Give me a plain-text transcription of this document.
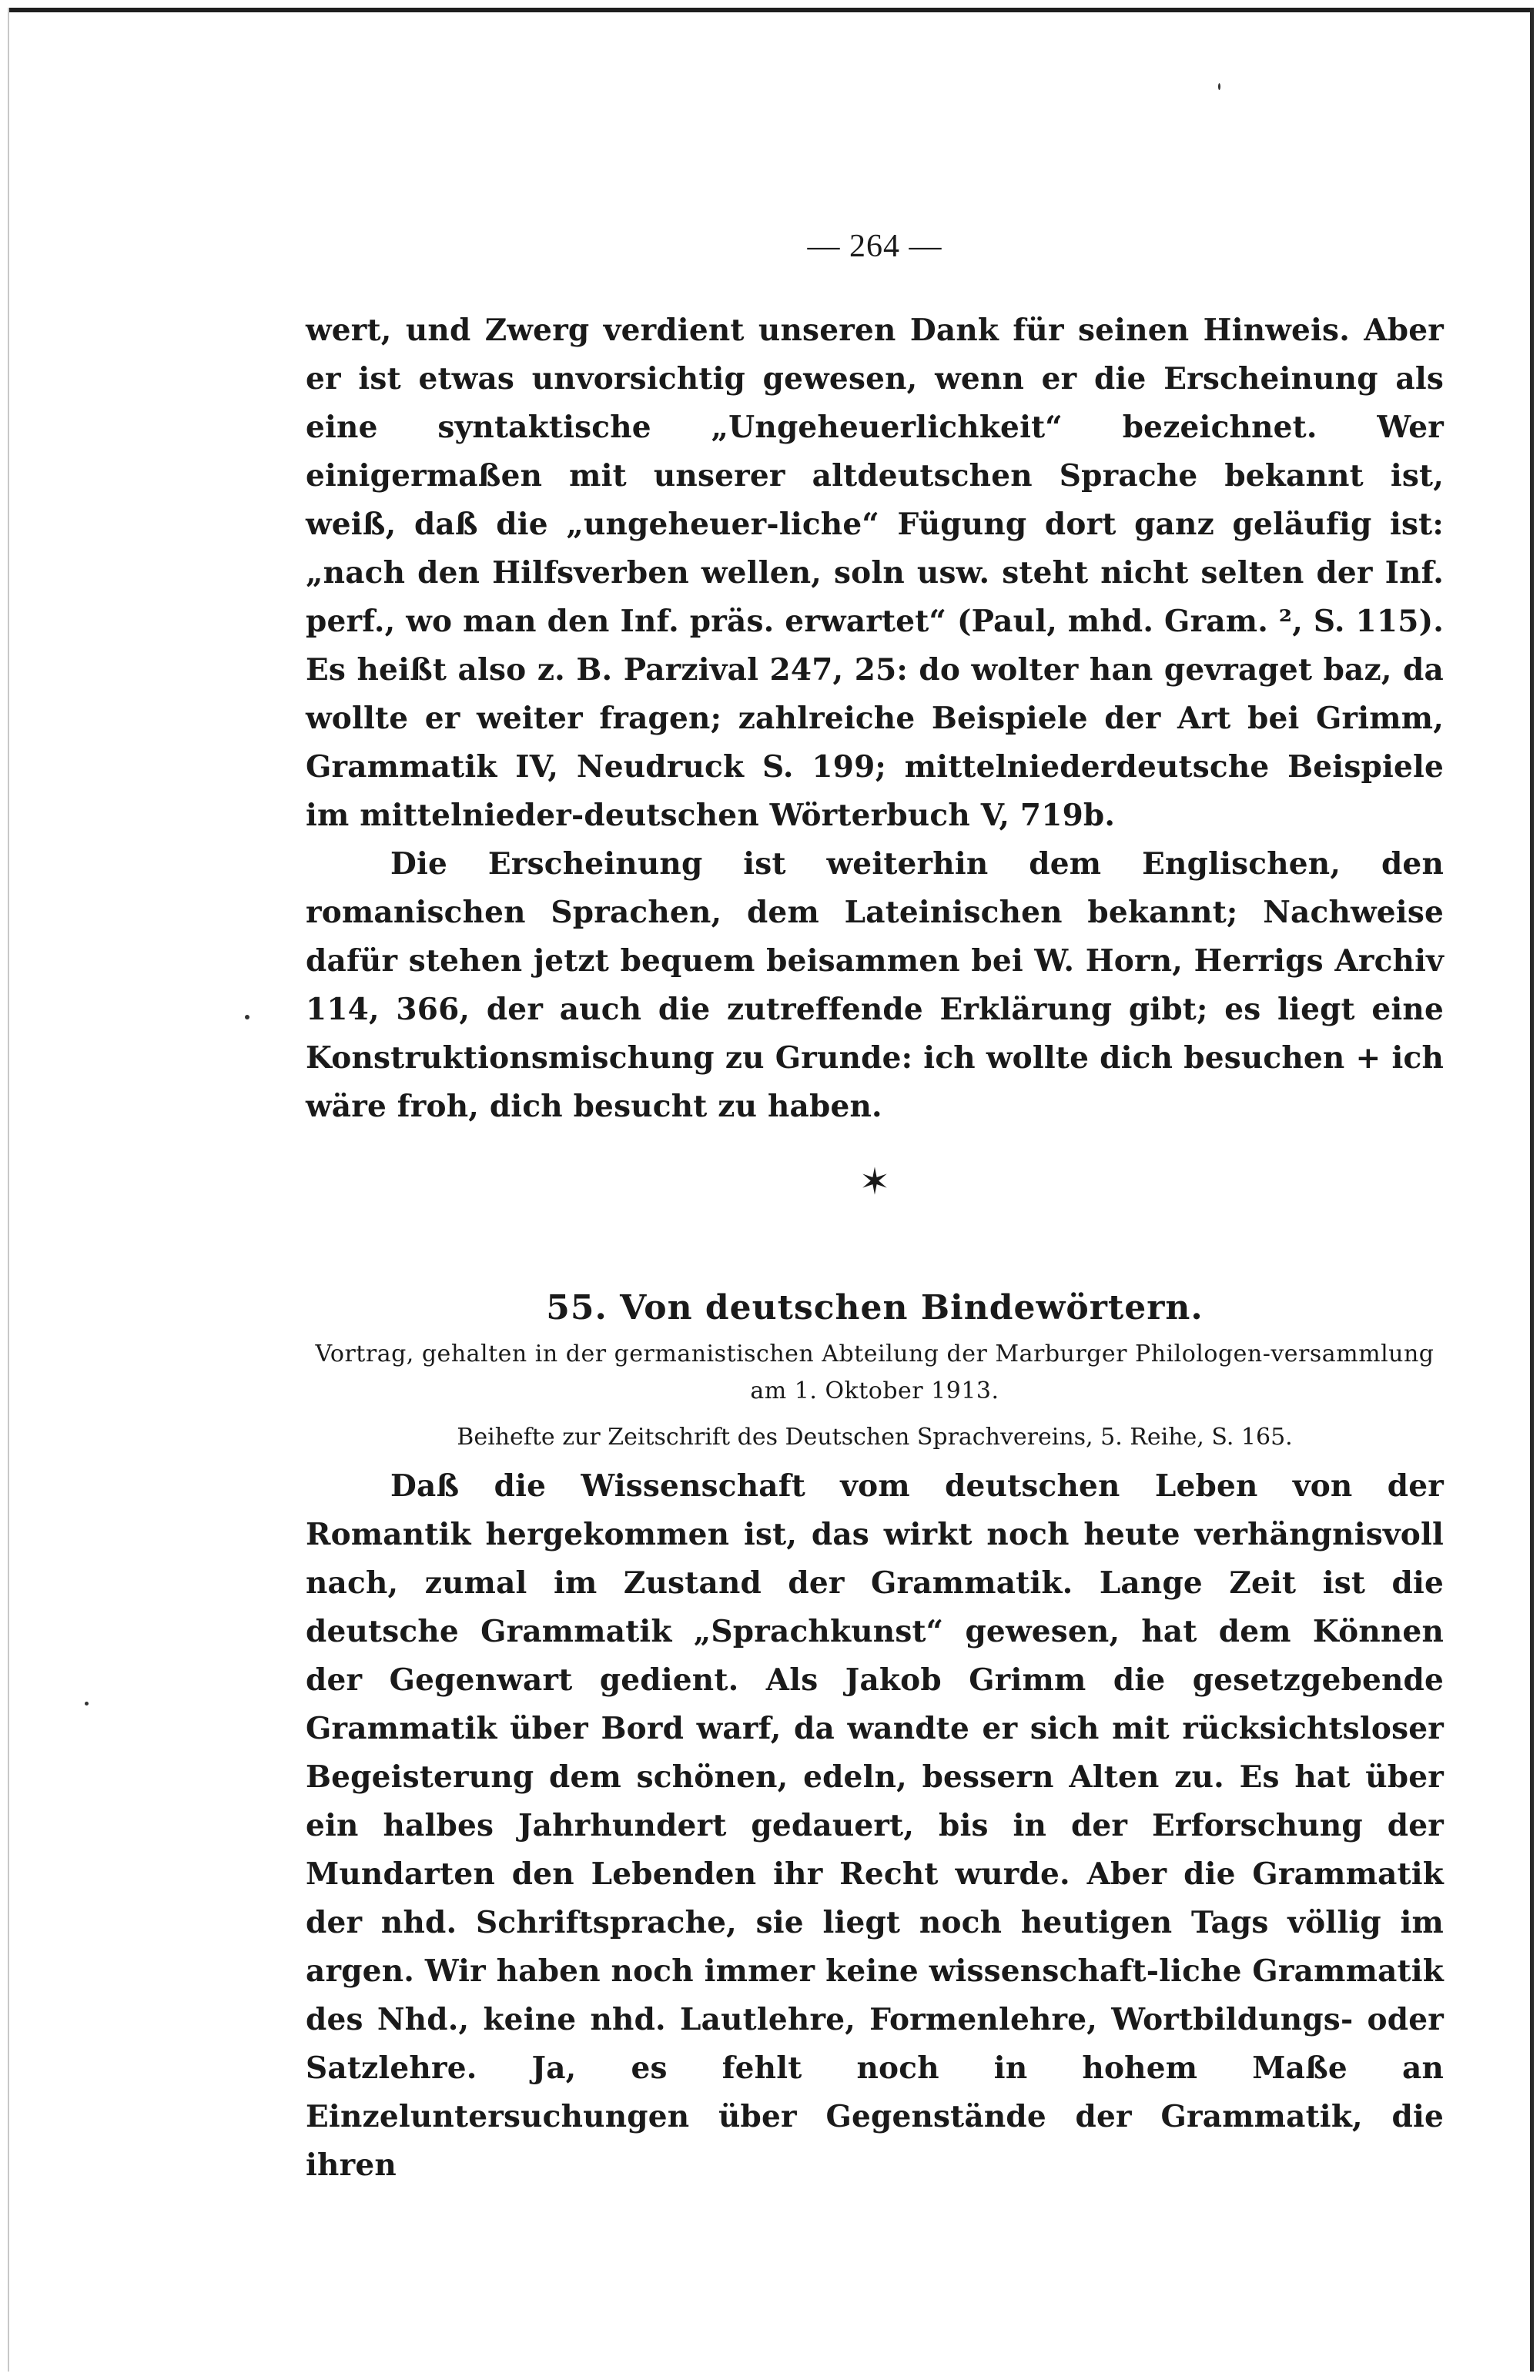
— 264 —

wert, und Zwerg verdient unseren Dank für seinen Hinweis. Aber er ist etwas unvorsichtig gewesen, wenn er die Erscheinung als eine syntaktische „Ungeheuerlichkeit“ bezeichnet. Wer einigermaßen mit unserer altdeutschen Sprache bekannt ist, weiß, daß die „ungeheuer-liche“ Fügung dort ganz geläufig ist: „nach den Hilfsverben wellen, soln usw. steht nicht selten der Inf. perf., wo man den Inf. präs. erwartet“ (Paul, mhd. Gram. ², S. 115). Es heißt also z. B. Parzival 247, 25: do wolter han gevraget baz, da wollte er weiter fragen; zahlreiche Beispiele der Art bei Grimm, Grammatik IV, Neudruck S. 199; mittelniederdeutsche Beispiele im mittelnieder-deutschen Wörterbuch V, 719b.

Die Erscheinung ist weiterhin dem Englischen, den romanischen Sprachen, dem Lateinischen bekannt; Nachweise dafür stehen jetzt bequem beisammen bei W. Horn, Herrigs Archiv 114, 366, der auch die zutreffende Erklärung gibt; es liegt eine Konstruktionsmischung zu Grunde: ich wollte dich besuchen + ich wäre froh, dich besucht zu haben.

✶
55. Von deutschen Bindewörtern.
Vortrag, gehalten in der germanistischen Abteilung der Marburger Philologen-versammlung am 1. Oktober 1913.
Beihefte zur Zeitschrift des Deutschen Sprachvereins, 5. Reihe, S. 165.

Daß die Wissenschaft vom deutschen Leben von der Romantik hergekommen ist, das wirkt noch heute verhängnisvoll nach, zumal im Zustand der Grammatik. Lange Zeit ist die deutsche Grammatik „Sprachkunst“ gewesen, hat dem Können der Gegenwart gedient. Als Jakob Grimm die gesetzgebende Grammatik über Bord warf, da wandte er sich mit rücksichtsloser Begeisterung dem schönen, edeln, bessern Alten zu. Es hat über ein halbes Jahrhundert gedauert, bis in der Erforschung der Mundarten den Lebenden ihr Recht wurde. Aber die Grammatik der nhd. Schriftsprache, sie liegt noch heutigen Tags völlig im argen. Wir haben noch immer keine wissenschaft-liche Grammatik des Nhd., keine nhd. Lautlehre, Formenlehre, Wortbildungs- oder Satzlehre. Ja, es fehlt noch in hohem Maße an Einzeluntersuchungen über Gegenstände der Grammatik, die ihren
